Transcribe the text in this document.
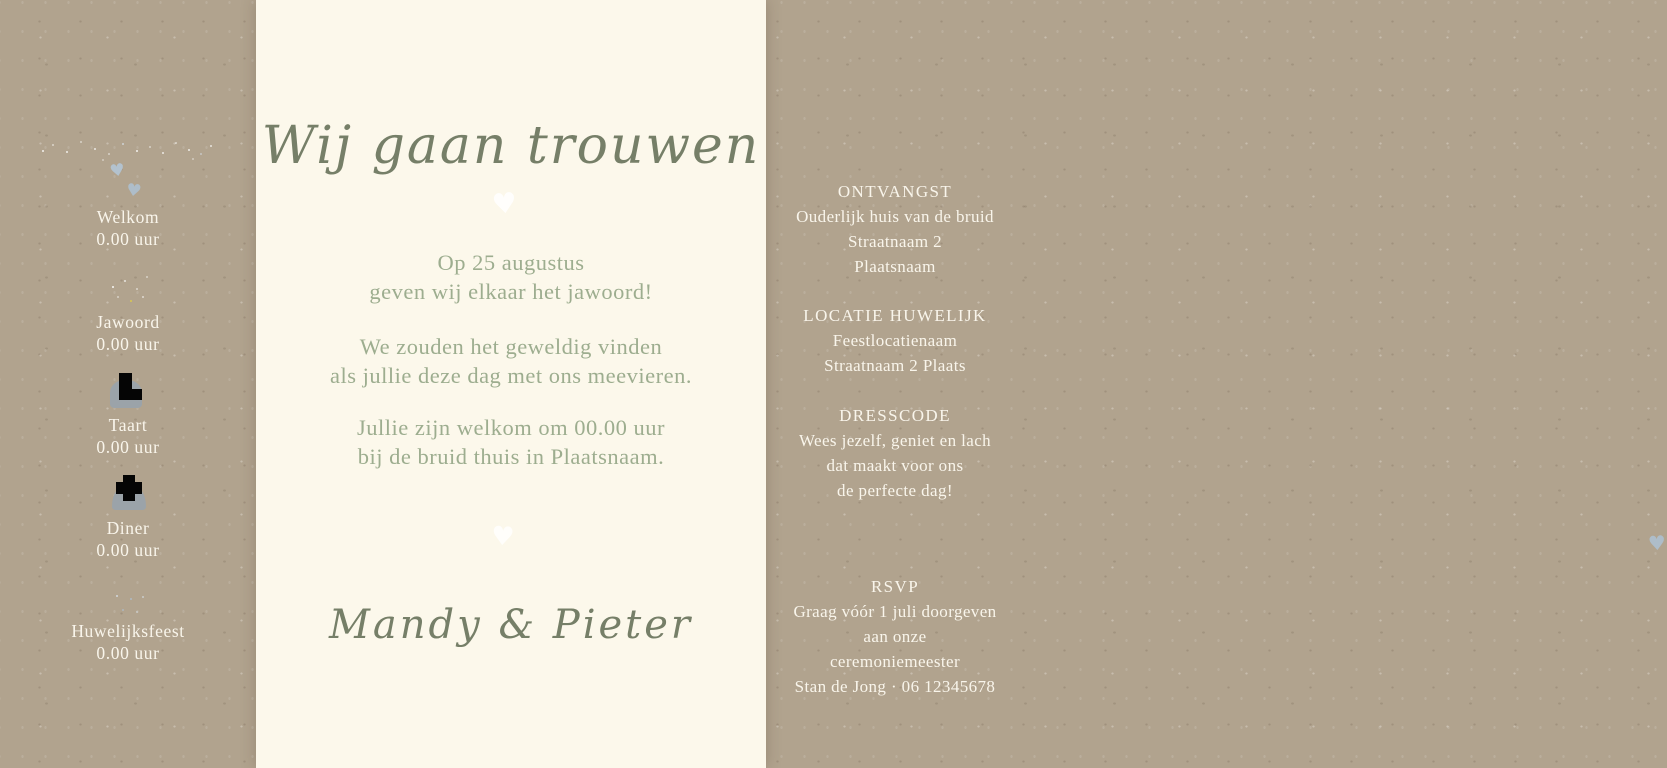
♥
♥
Welkom
0.00 uur
Jawoord
0.00 uur
Taart
0.00 uur
Diner
0.00 uur
Huwelijksfeest
0.00 uur
Wij gaan trouwen
Op 25 augustus
geven wij elkaar het jawoord!
We zouden het geweldig vinden
als jullie deze dag met ons meevieren.
Jullie zijn welkom om 00.00 uur
bij de bruid thuis in Plaatsnaam.
Mandy & Pieter
♥
♥
ONTVANGST
Ouderlijk huis van de bruid
Straatnaam 2
Plaatsnaam
LOCATIE HUWELIJK
Feestlocatienaam
Straatnaam 2 Plaats
DRESSCODE
Wees jezelf, geniet en lach
dat maakt voor ons
de perfecte dag!
♥
RSVP
Graag vóór 1 juli doorgeven
aan onze
ceremoniemeester
Stan de Jong · 06 12345678
